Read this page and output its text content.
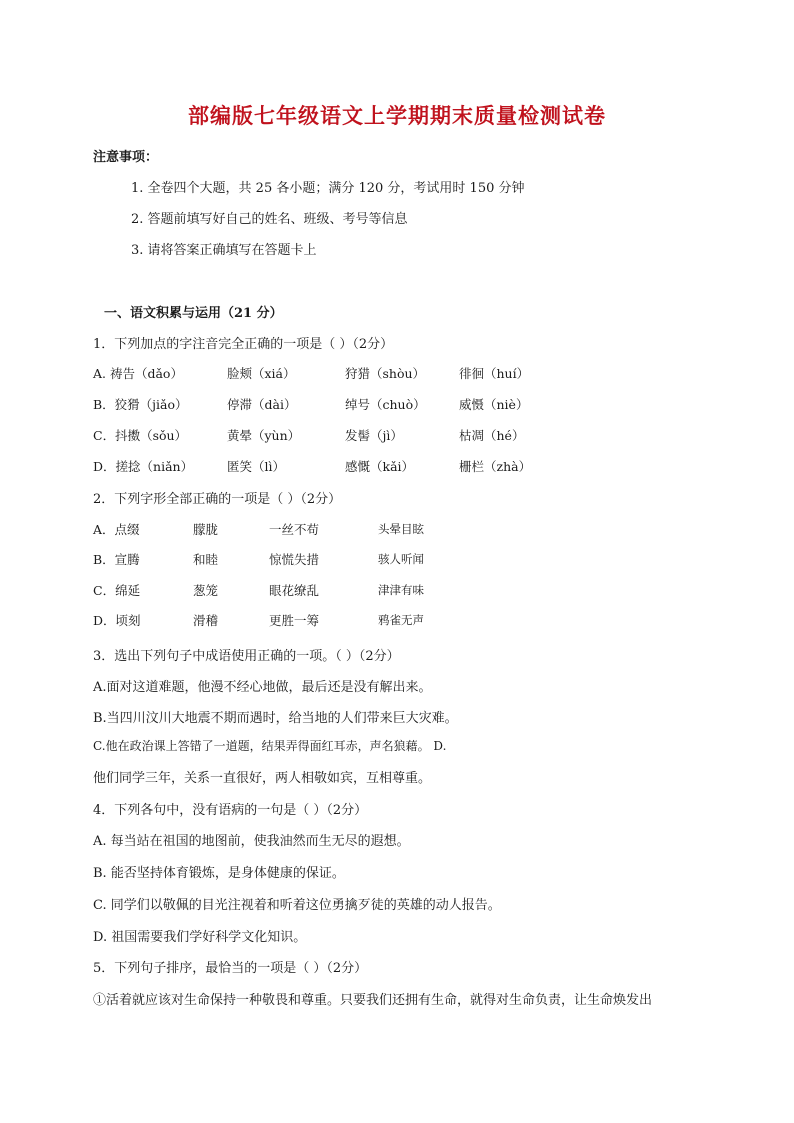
部编版七年级语文上学期期末质量检测试卷
注意事项：
1. 全卷四个大题，共 25 各小题；满分 120 分，考试用时 150 分钟
2. 答题前填写好自己的姓名、班级、考号等信息
3. 请将答案正确填写在答题卡上
一、语文积累与运用（21 分）
1．下列加点的字注音完全正确的一项是（ ）（2分）
A. 祷告（dǎo）	脸颊（xiá）	狩猎（shòu）	徘徊（huí）
B．狡猾（jiǎo）	停滞（dài）	绰号（chuò）	威慑（niè）
C．抖擞（sǒu）	黄晕（yùn）	发髻（jì）	枯凋（hé）
D．搓捻（niǎn）	匿笑（lì）	感慨（kǎi）	栅栏（zhà）
2．下列字形全部正确的一项是（ ）（2分）
A．点缀	朦胧	一丝不苟	头晕目眩
B．宣腾	和睦	惊慌失措	骇人听闻
C．绵延	葱笼	眼花缭乱	津津有味
D．顷刻	滑稽	更胜一筹	鸦雀无声
3．选出下列句子中成语使用正确的一项。（ ）（2分）
A.面对这道难题，他漫不经心地做，最后还是没有解出来。
B.当四川汶川大地震不期而遇时，给当地的人们带来巨大灾难。
C.他在政治课上答错了一道题，结果弄得面红耳赤，声名狼藉。 D.
他们同学三年，关系一直很好，两人相敬如宾，互相尊重。
4．下列各句中，没有语病的一句是（ ）（2分）
A. 每当站在祖国的地图前，使我油然而生无尽的遐想。
B. 能否坚持体育锻炼，是身体健康的保证。
C. 同学们以敬佩的目光注视着和听着这位勇擒歹徒的英雄的动人报告。
D. 祖国需要我们学好科学文化知识。
5．下列句子排序，最恰当的一项是（ ）（2分）
①活着就应该对生命保持一种敬畏和尊重。只要我们还拥有生命，就得对生命负责，让生命焕发出
